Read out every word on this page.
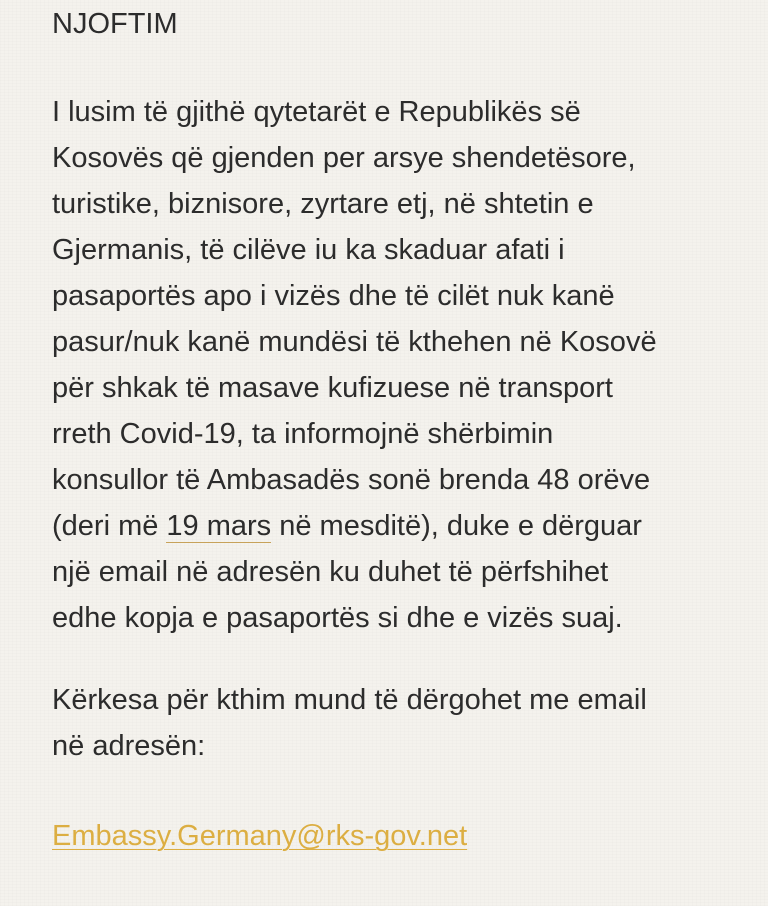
NJOFTIM
I lusim të gjithë qytetarët e Republikës së
Kosovës që gjenden per arsye shendetësore,
turistike, biznisore, zyrtare etj, në shtetin e
Gjermanis, të cilëve iu ka skaduar afati i
pasaportës apo i vizës dhe të cilët nuk kanë
pasur/nuk kanë mundësi të kthehen në Kosovë
për shkak të masave kufizuese në transport
rreth Covid-19, ta informojnë shërbimin
konsullor të Ambasadës sonë brenda 48 orëve
(deri më 19 mars në mesditë), duke e dërguar
një email në adresën ku duhet të përfshihet
edhe kopja e pasaportës si dhe e vizës suaj.
Kërkesa për kthim mund të dërgohet me email
në adresën:
Embassy.Germany@rks-gov.net
